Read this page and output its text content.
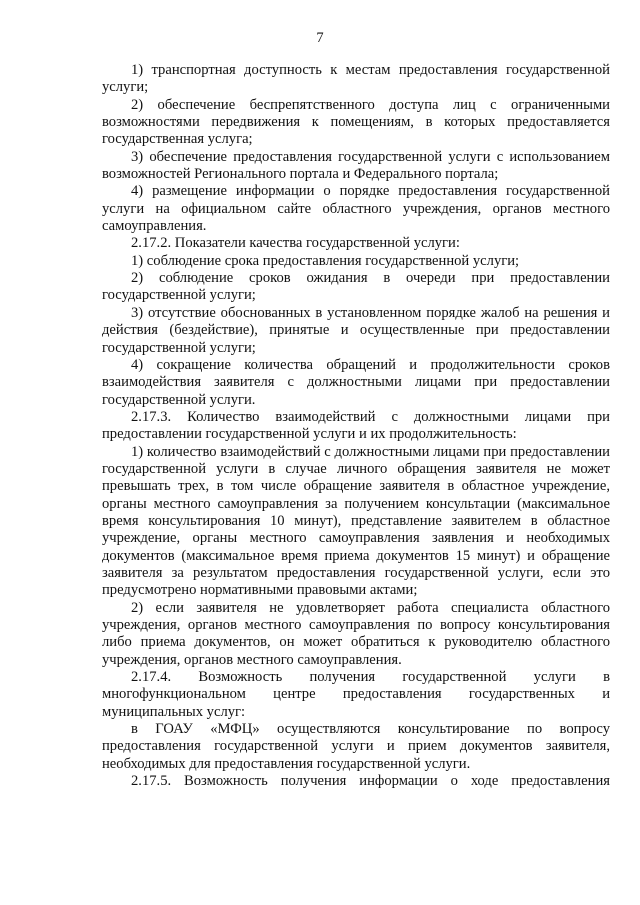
7

1) транспортная доступность к местам предоставления государственной услуги;

2) обеспечение беспрепятственного доступа лиц с ограниченными возможностями передвижения к помещениям, в которых предоставляется государственная услуга;

3) обеспечение предоставления государственной услуги с использованием возможностей Регионального портала и Федерального портала;

4) размещение информации о порядке предоставления государственной услуги на официальном сайте областного учреждения, органов местного самоуправления.

2.17.2. Показатели качества государственной услуги:

1) соблюдение срока предоставления государственной услуги;

2) соблюдение сроков ожидания в очереди при предоставлении государственной услуги;

3) отсутствие обоснованных в установленном порядке жалоб на решения и действия (бездействие), принятые и осуществленные при предоставлении государственной услуги;

4) сокращение количества обращений и продолжительности сроков взаимодействия заявителя с должностными лицами при предоставлении государственной услуги.

2.17.3. Количество взаимодействий с должностными лицами при предоставлении государственной услуги и их продолжительность:

1) количество взаимодействий с должностными лицами при предоставлении государственной услуги в случае личного обращения заявителя не может превышать трех, в том числе обращение заявителя в областное учреждение, органы местного самоуправления за получением консультации (максимальное время консультирования 10 минут), представление заявителем в областное учреждение, органы местного самоуправления заявления и необходимых документов (максимальное время приема документов 15 минут) и обращение заявителя за результатом предоставления государственной услуги, если это предусмотрено нормативными правовыми актами;

2) если заявителя не удовлетворяет работа специалиста областного учреждения, органов местного самоуправления по вопросу консультирования либо приема документов, он может обратиться к руководителю областного учреждения, органов местного самоуправления.

2.17.4. Возможность получения государственной услуги в многофункциональном центре предоставления государственных и муниципальных услуг:

в ГОАУ «МФЦ» осуществляются консультирование по вопросу предоставления государственной услуги и прием документов заявителя, необходимых для предоставления государственной услуги.

2.17.5. Возможность получения информации о ходе предоставления
